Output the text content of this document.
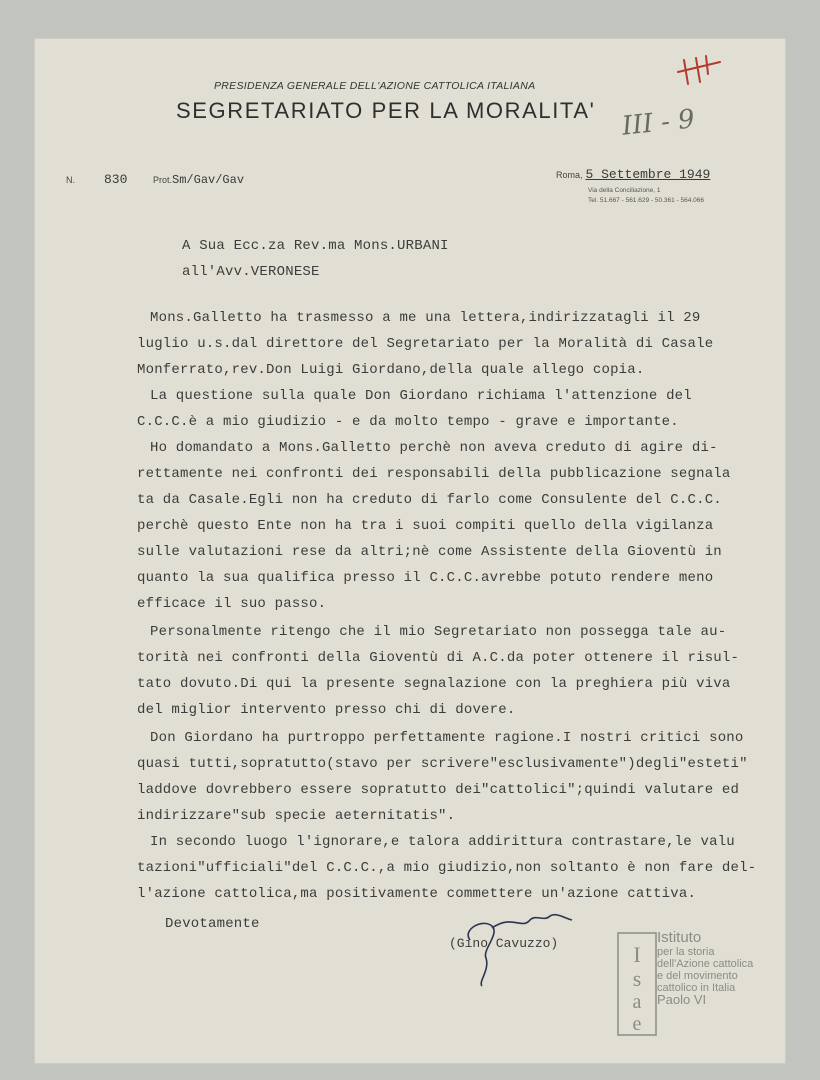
PRESIDENZA GENERALE DELL'AZIONE CATTOLICA ITALIANA
SEGRETARIATO PER LA MORALITA' III - 9
N. 830	Prot.Sm/Gav/Gav	Roma, 5 Settembre 1949
Via della Conciliazione, 1
Tel. 51.667 - 561.629 - 50.361 - 564.066
A Sua Ecc.za Rev.ma Mons.URBANI
all'Avv.VERONESE
Mons.Galletto ha trasmesso a me una lettera,indirizzatagli il 29
luglio u.s.dal direttore del Segretariato per la Moralità di Casale
Monferrato,rev.Don Luigi Giordano,della quale allego copia.
La questione sulla quale Don Giordano richiama l'attenzione del
C.C.C.è a mio giudizio - e da molto tempo - grave e importante.
Ho domandato a Mons.Galletto perchè non aveva creduto di agire di-
rettamente nei confronti dei responsabili della pubblicazione segnala
ta da Casale.Egli non ha creduto di farlo come Consulente del C.C.C.
perchè questo Ente non ha tra i suoi compiti quello della vigilanza
sulle valutazioni rese da altri;nè come Assistente della Gioventù in
quanto la sua qualifica presso il C.C.C.avrebbe potuto rendere meno
efficace il suo passo.
Personalmente ritengo che il mio Segretariato non possegga tale au-
torità nei confronti della Gioventù di A.C.da poter ottenere il risul-
tato dovuto.Di qui la presente segnalazione con la preghiera più viva
del miglior intervento presso chi di dovere.
Don Giordano ha purtroppo perfettamente ragione.I nostri critici sono
quasi tutti,sopratutto(stavo per scrivere"esclusivamente")degli"esteti"
laddove dovrebbero essere sopratutto dei"cattolici";quindi valutare ed
indirizzare"sub specie aeternitatis".
In secondo luogo l'ignorare,e talora addirittura contrastare,le valu
tazioni"ufficiali"del C.C.C.,a mio giudizio,non soltanto è non fare del-
l'azione cattolica,ma positivamente commettere un'azione cattiva.
Devotamente
(Gino Cavuzzo)	I
s
a
e
Istituto
per la storia
dell'Azione cattolica
e del movimento
cattolico in Italia
Paolo VI
